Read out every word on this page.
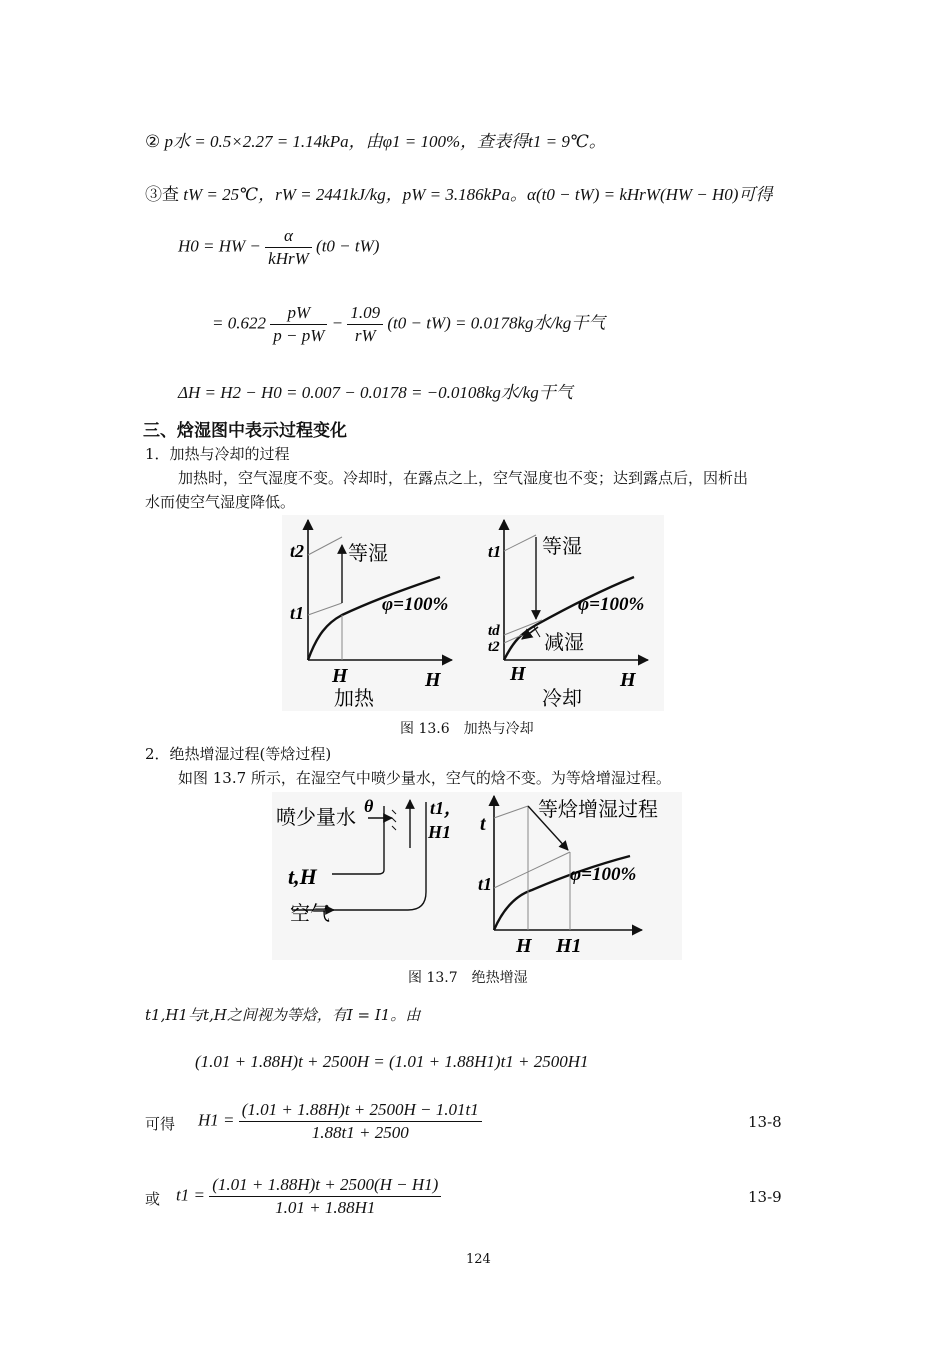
② p水 = 0.5×2.27 = 1.14kPa，由φ1 = 100%，查表得t1 = 9℃。
③查 tW = 25℃，rW = 2441kJ/kg，pW = 3.186kPa。α(t0 − tW) = kHrW(HW − H0)可得
H0 = HW − $\frac{\alpha}{\text{kHrW}} (t0 - tW)$
= $0.622 \frac{pW}{p - pW} - \frac{1.09}{rW} (t0 - tW) = 0.0178kg$水/kg干气
ΔH = H2 − H0 = 0.007 − 0.0178 = −0.0108kg水/kg干气
三、焓湿图中表示过程变化
1．加热与冷却的过程
加热时，空气湿度不变。冷却时，在露点之上，空气湿度也不变；达到露点后，因析出
水而使空气湿度降低。
t2
t1
等湿
φ=100%
H	H
加热
t1
td
t2
等湿
φ=100%
减湿
H	H
冷却
图 13.6　加热与冷却
2．绝热增湿过程(等焓过程)
如图 13.7 所示，在湿空气中喷少量水，空气的焓不变。为等焓增湿过程。
喷少量水 θ	t1，
H1
t,H
空气
t
t1
等焓增湿过程
φ=100%
H H1
图 13.7　绝热增湿
t1,H1与t,H之间视为等焓，有I = I1。由
(1.01 + 1.88H)t + 2500H = (1.01 + 1.88H1)t1 + 2500H1
可得 $H1 = \frac{(1.01 + 1.88H)t + 2500H - 1.01t1}{1.88t1 + 2500}$	13-8
或 $t1 = \frac{(1.01 + 1.88H)t + 2500(H - H1)}{1.01 + 1.88H1}$	13-9
124
